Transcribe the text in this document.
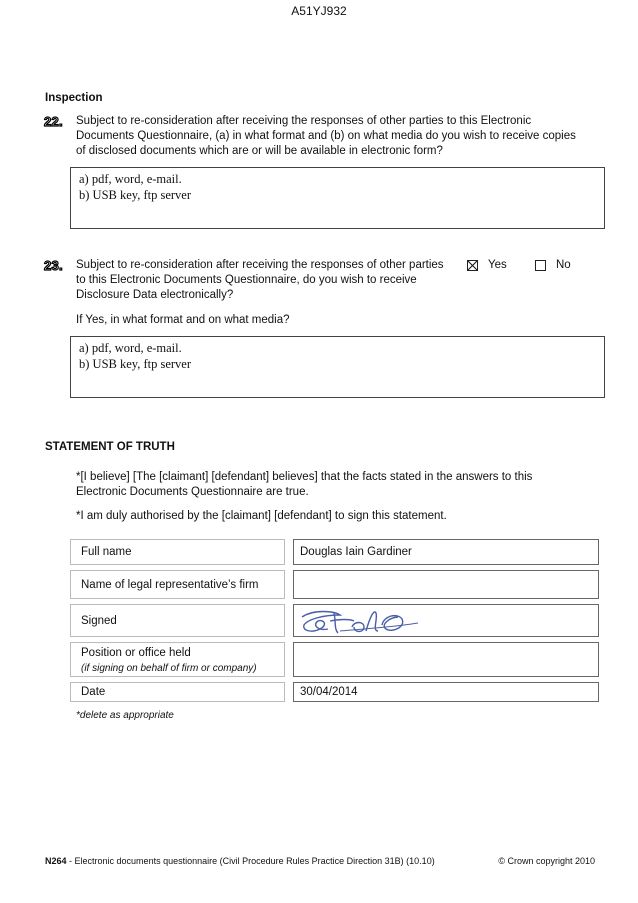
A51YJ932
Inspection
22. Subject to re-consideration after receiving the responses of other parties to this Electronic
Documents Questionnaire, (a) in what format and (b) on what media do you wish to receive copies
of disclosed documents which are or will be available in electronic form?
a) pdf, word, e-mail.
b) USB key, ftp server
23. Subject to re-consideration after receiving the responses of other parties
to this Electronic Documents Questionnaire, do you wish to receive
Disclosure Data electronically?
Yes	No
If Yes, in what format and on what media?
a) pdf, word, e-mail.
b) USB key, ftp server
STATEMENT OF TRUTH
*[I believe] [The [claimant] [defendant] believes] that the facts stated in the answers to this
Electronic Documents Questionnaire are true.
*I am duly authorised by the [claimant] [defendant] to sign this statement.
Full name	Douglas Iain Gardiner
Name of legal representative’s firm
Signed
Position or office held
(if signing on behalf of firm or company)
Date	30/04/2014
*delete as appropriate
N264 - Electronic documents questionnaire (Civil Procedure Rules Practice Direction 31B) (10.10)	© Crown copyright 2010
